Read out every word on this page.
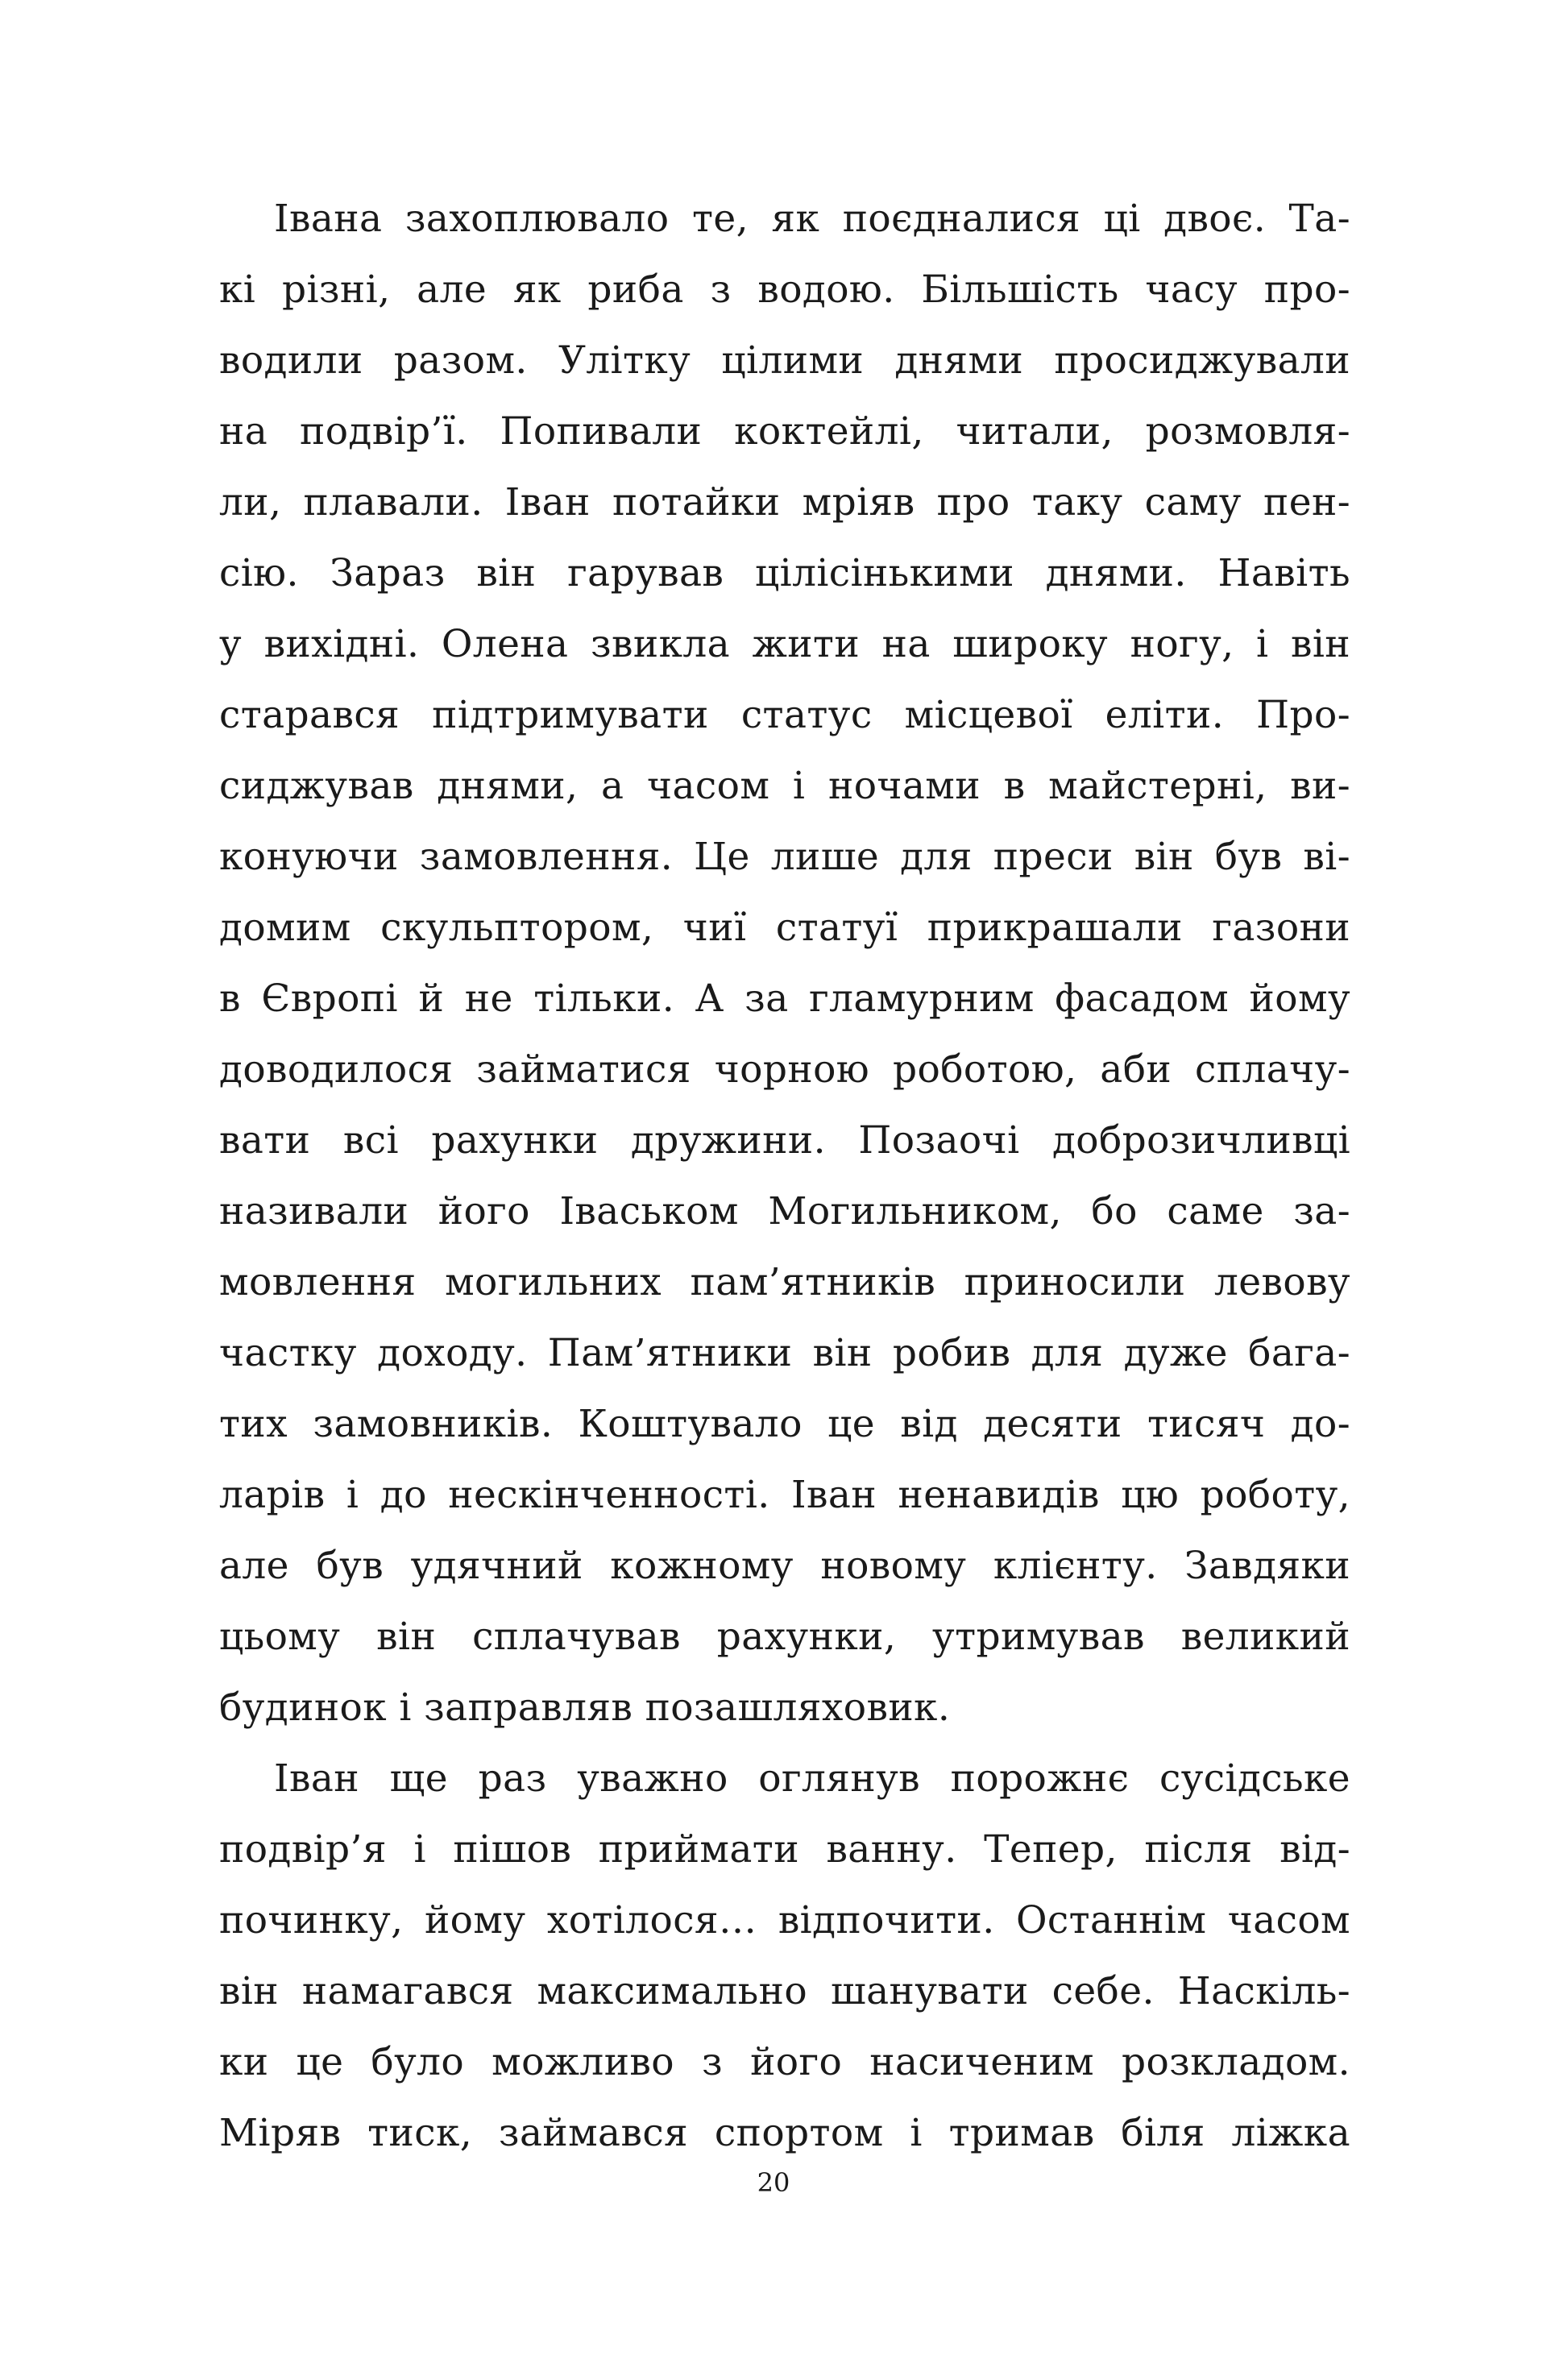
Івана захоплювало те, як поєдналися ці двоє. Та-
кі різні, але як риба з водою. Більшість часу про-
водили разом. Улітку цілими днями просиджували
на подвір’ї. Попивали коктейлі, читали, розмовля-
ли, плавали. Іван потайки мріяв про таку саму пен-
сію. Зараз він гарував цілісінькими днями. Навіть
у вихідні. Олена звикла жити на широку ногу, і він
старався підтримувати статус місцевої еліти. Про-
сиджував днями, а часом і ночами в майстерні, ви-
конуючи замовлення. Це лише для преси він був ві-
домим скульптором, чиї статуї прикрашали газони
в Європі й не тільки. А за гламурним фасадом йому
доводилося займатися чорною роботою, аби сплачу-
вати всі рахунки дружини. Позаочі доброзичливці
називали його Іваськом Могильником, бо саме за-
мовлення могильних пам’ятників приносили левову
частку доходу. Пам’ятники він робив для дуже бага-
тих замовників. Коштувало це від десяти тисяч до-
ларів і до нескінченності. Іван ненавидів цю роботу,
але був удячний кожному новому клієнту. Завдяки
цьому він сплачував рахунки, утримував великий
будинок і заправляв позашляховик.
Іван ще раз уважно оглянув порожнє сусідське
подвір’я і пішов приймати ванну. Тепер, після від-
починку, йому хотілося… відпочити. Останнім часом
він намагався максимально шанувати себе. Наскіль-
ки це було можливо з його насиченим розкладом.
Міряв тиск, займався спортом і тримав біля ліжка
20
